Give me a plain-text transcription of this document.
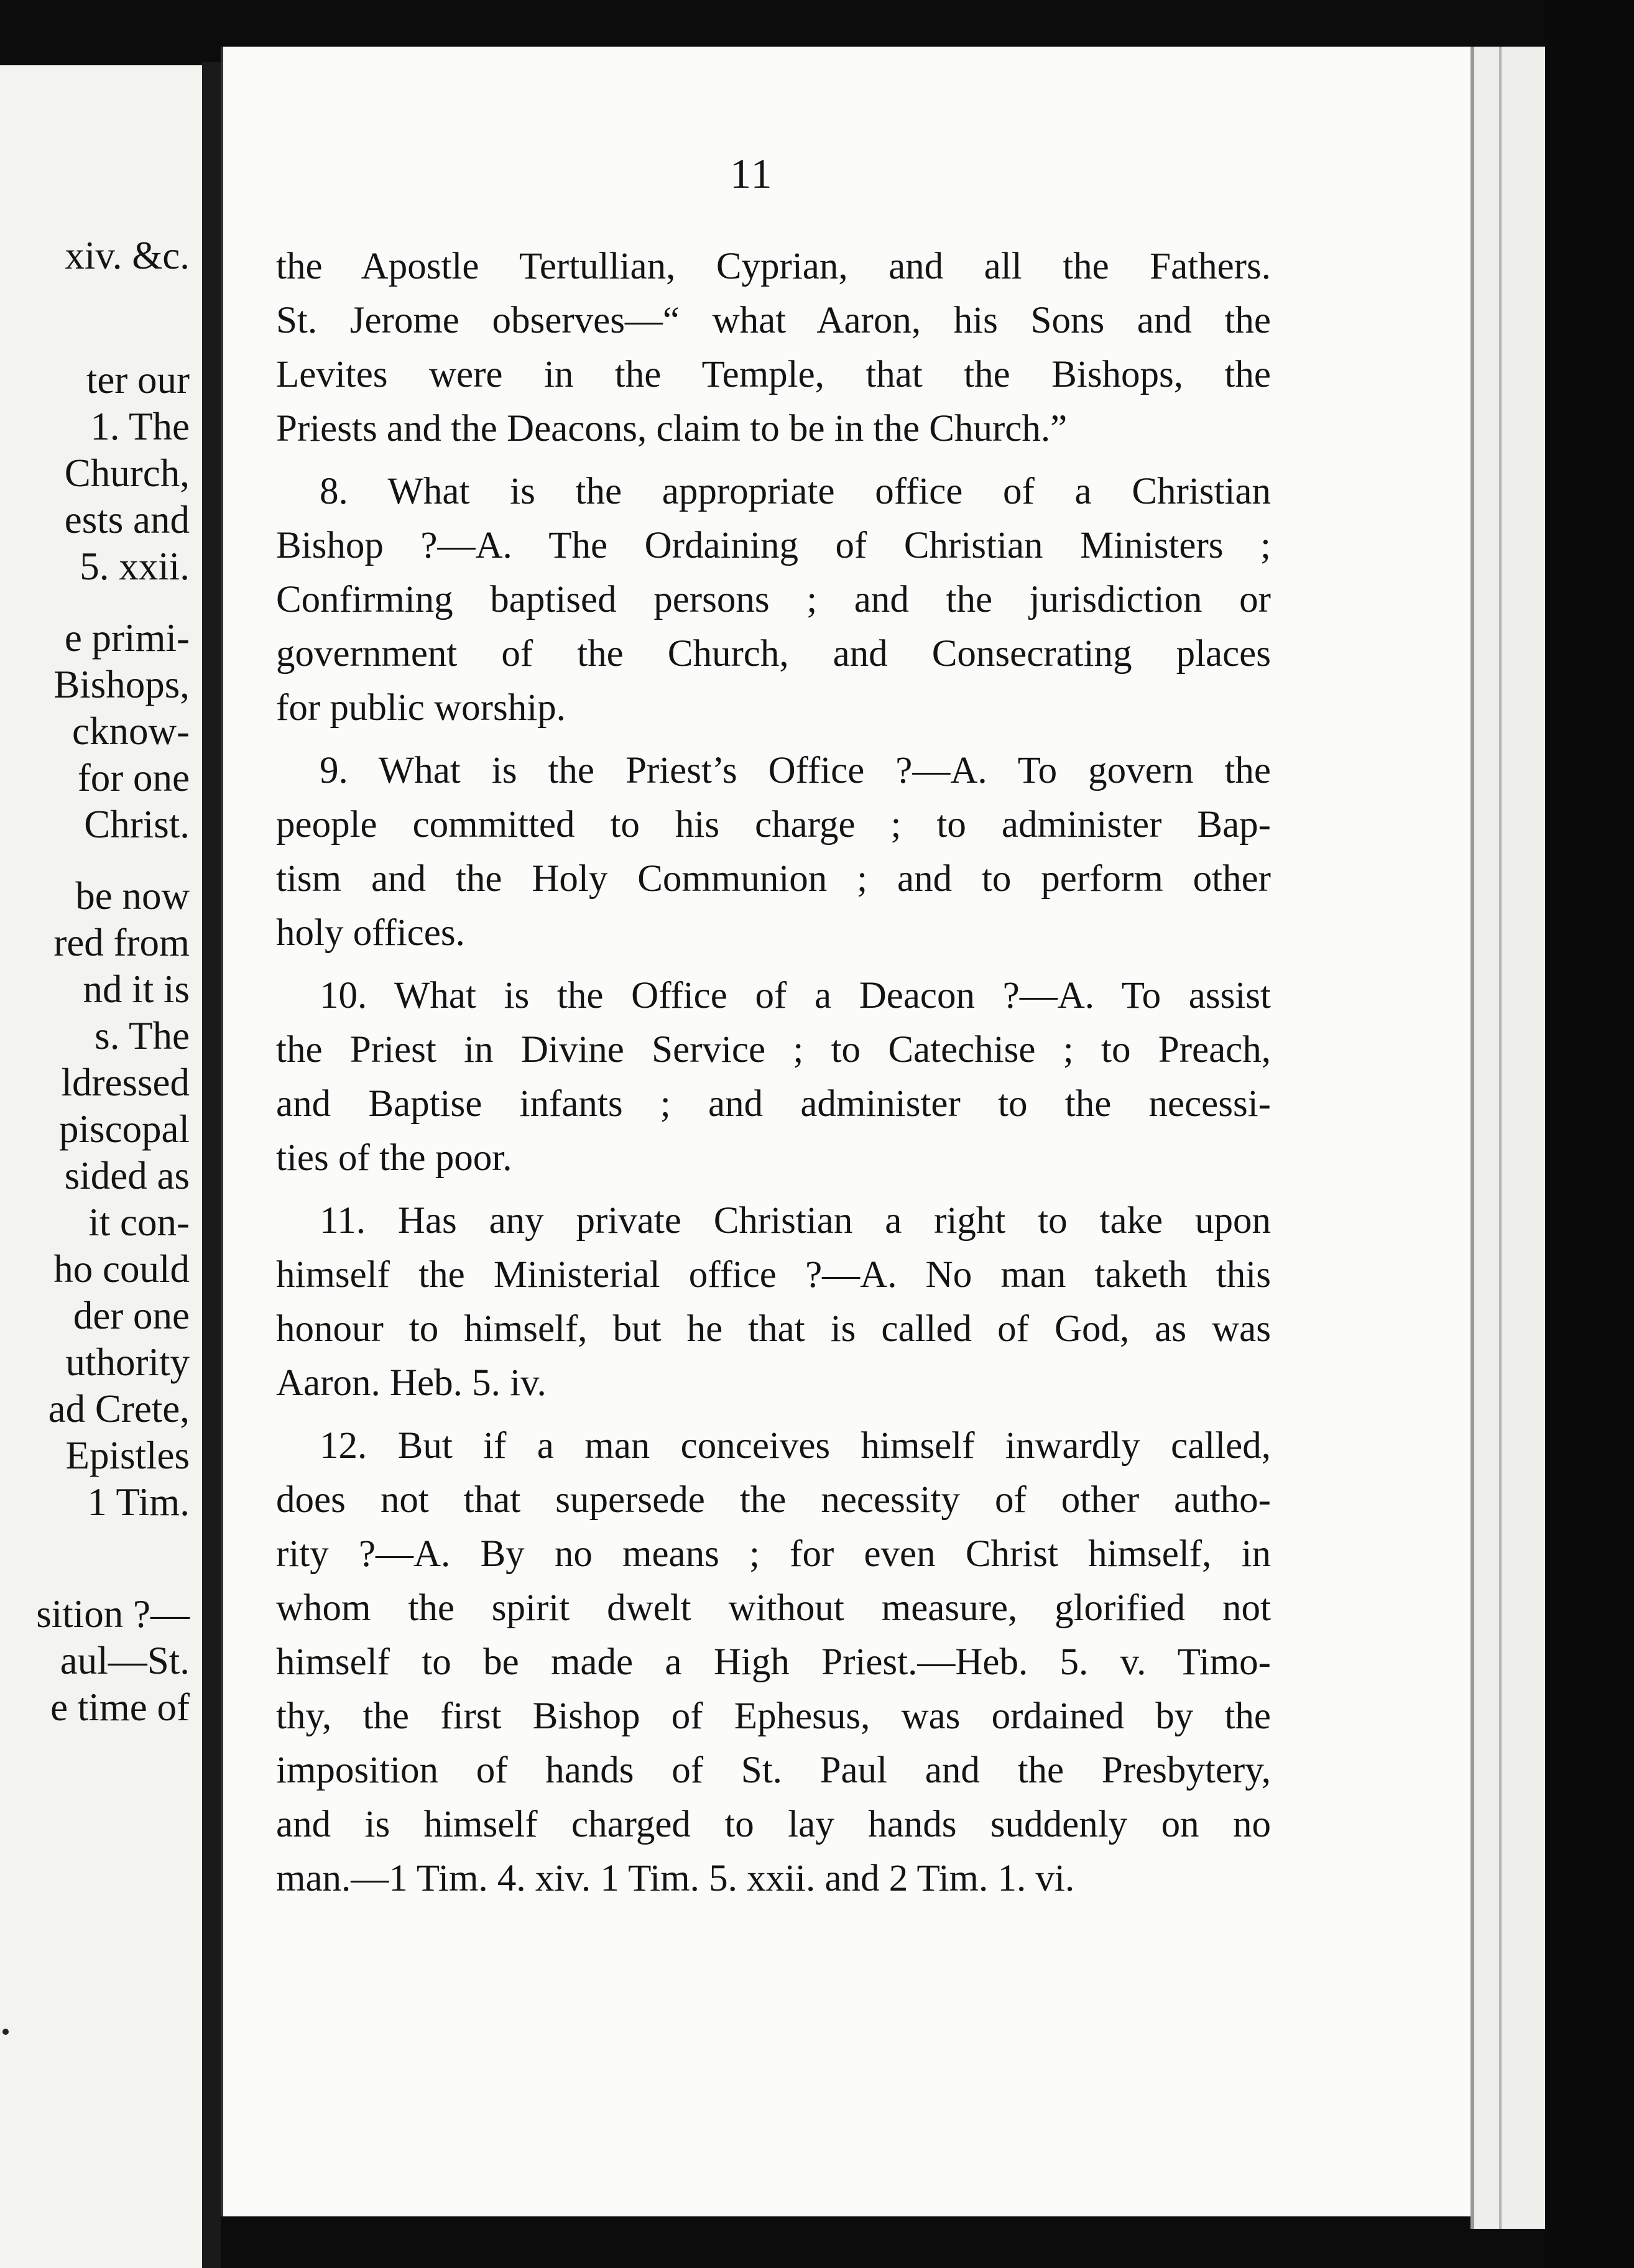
xiv. &c.
ter our
1. The
Church,
ests and
5. xxii.
e primi-
Bishops,
cknow-
for one
Christ.
be now
red from
nd it is
s. The
ldressed
piscopal
sided as
it con-
ho could
der one
uthority
ad Crete,
Epistles
1 Tim.
sition ?—
aul—St.
e time of
11
the Apostle Tertullian, Cyprian, and all the Fathers.
St. Jerome observes—“ what Aaron, his Sons and the
Levites were in the Temple, that the Bishops, the
Priests and the Deacons, claim to be in the Church.”
8. What is the appropriate office of a Christian
Bishop ?—A. The Ordaining of Christian Ministers ;
Confirming baptised persons ; and the jurisdiction or
government of the Church, and Consecrating places
for public worship.
9. What is the Priest’s Office ?—A. To govern the
people committed to his charge ; to administer Bap-
tism and the Holy Communion ; and to perform other
holy offices.
10. What is the Office of a Deacon ?—A. To assist
the Priest in Divine Service ; to Catechise ; to Preach,
and Baptise infants ; and administer to the necessi-
ties of the poor.
11. Has any private Christian a right to take upon
himself the Ministerial office ?—A. No man taketh this
honour to himself, but he that is called of God, as was
Aaron. Heb. 5. iv.
12. But if a man conceives himself inwardly called,
does not that supersede the necessity of other autho-
rity ?—A. By no means ; for even Christ himself, in
whom the spirit dwelt without measure, glorified not
himself to be made a High Priest.—Heb. 5. v. Timo-
thy, the first Bishop of Ephesus, was ordained by the
imposition of hands of St. Paul and the Presbytery,
and is himself charged to lay hands suddenly on no
man.—1 Tim. 4. xiv. 1 Tim. 5. xxii. and 2 Tim. 1. vi.
